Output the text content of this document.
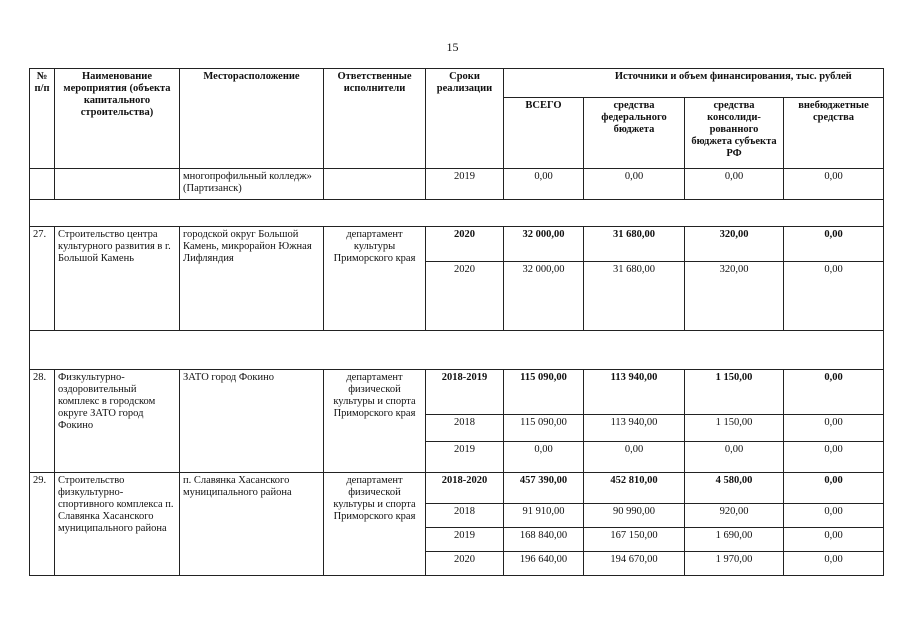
15
№ п/п	Наименование мероприятия (объекта капитального строительства)	Месторасположение	Ответственные исполнители	Сроки реализации		Источники и объем финансирования, тыс. рублей		
					ВСЕГО	средства федерального бюджета	средства консолиди-рованного бюджета субъекта РФ	внебюджетные средства
		многопрофильный колледж» (Партизанск)		2019	0,00	0,00	0,00	0,00

27.	Строительство центра культурного развития в г. Большой Камень	городской округ Большой Камень, микрорайон Южная Лифляндия	департамент культуры Приморского края	2020	32 000,00	31 680,00	320,00	0,00
				2020	32 000,00	31 680,00	320,00	0,00

28.	Физкультурно-оздоровительный комплекс в городском округе ЗАТО город Фокино	ЗАТО город Фокино	департамент физической культуры и спорта Приморского края	2018-2019	115 090,00	113 940,00	1 150,00	0,00
				2018	115 090,00	113 940,00	1 150,00	0,00
				2019	0,00	0,00	0,00	0,00
29.	Строительство физкультурно-спортивного комплекса п. Славянка Хасанского муниципального района	п. Славянка Хасанского муниципального района	департамент физической культуры и спорта Приморского края	2018-2020	457 390,00	452 810,00	4 580,00	0,00
				2018	91 910,00	90 990,00	920,00	0,00
				2019	168 840,00	167 150,00	1 690,00	0,00
				2020	196 640,00	194 670,00	1 970,00	0,00
